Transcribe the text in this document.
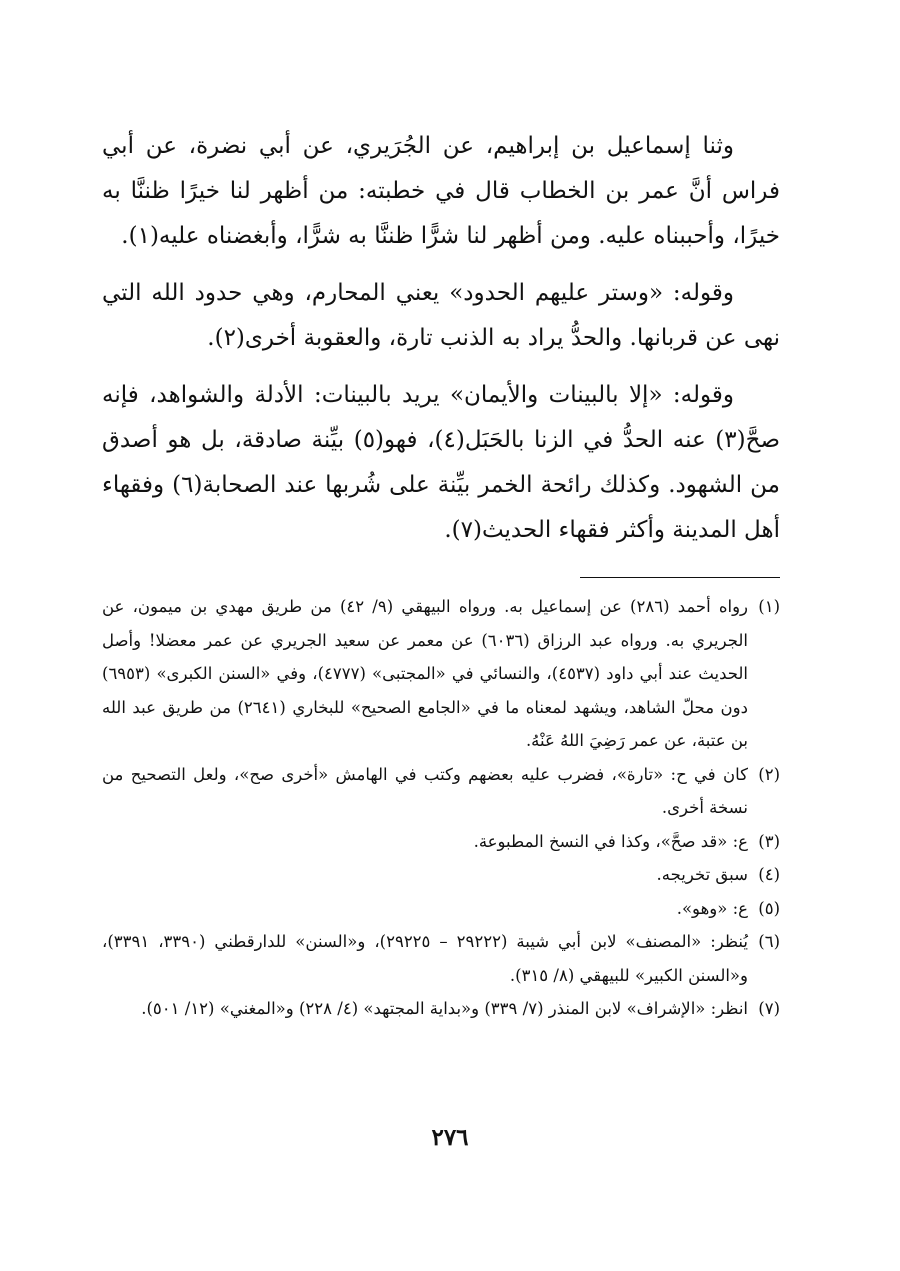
وثنا إسماعيل بن إبراهيم، عن الجُرَيري، عن أبي نضرة، عن أبي فراس أنَّ عمر بن الخطاب قال في خطبته: من أظهر لنا خيرًا ظننَّا به خيرًا، وأحببناه عليه. ومن أظهر لنا شرًّا ظننَّا به شرًّا، وأبغضناه عليه(١).

وقوله: «وستر عليهم الحدود» يعني المحارم، وهي حدود الله التي نهى عن قربانها. والحدُّ يراد به الذنب تارة، والعقوبة أخرى(٢).

وقوله: «إلا بالبينات والأيمان» يريد بالبينات: الأدلة والشواهد، فإنه صحَّ(٣) عنه الحدُّ في الزنا بالحَبَل(٤)، فهو(٥) بيِّنة صادقة، بل هو أصدق من الشهود. وكذلك رائحة الخمر بيِّنة على شُربها عند الصحابة(٦) وفقهاء أهل المدينة وأكثر فقهاء الحديث(٧).

(١)
رواه أحمد (٢٨٦) عن إسماعيل به. ورواه البيهقي (٩/ ٤٢) من طريق مهدي بن ميمون، عن الجريري به. ورواه عبد الرزاق (٦٠٣٦) عن معمر عن سعيد الجريري عن عمر معضلا! وأصل الحديث عند أبي داود (٤٥٣٧)، والنسائي في «المجتبى» (٤٧٧٧)، وفي «السنن الكبرى» (٦٩٥٣) دون محلّ الشاهد، ويشهد لمعناه ما في «الجامع الصحيح» للبخاري (٢٦٤١) من طريق عبد الله بن عتبة، عن عمر رَضِيَ اللهُ عَنْهُ.
(٢)
كان في ح: «تارة»، فضرب عليه بعضهم وكتب في الهامش «أخرى صح»، ولعل التصحيح من نسخة أخرى.
(٣)
ع: «قد صحَّ»، وكذا في النسخ المطبوعة.
(٤)
سبق تخريجه.
(٥)
ع: «وهو».
(٦)
يُنظر: «المصنف» لابن أبي شيبة (٢٩٢٢٢ – ٢٩٢٢٥)، و«السنن» للدارقطني (٣٣٩٠، ٣٣٩١)، و«السنن الكبير» للبيهقي (٨/ ٣١٥).
(٧)
انظر: «الإشراف» لابن المنذر (٧/ ٣٣٩) و«بداية المجتهد» (٤/ ٢٢٨) و«المغني» (١٢/ ٥٠١).
٢٧٦
